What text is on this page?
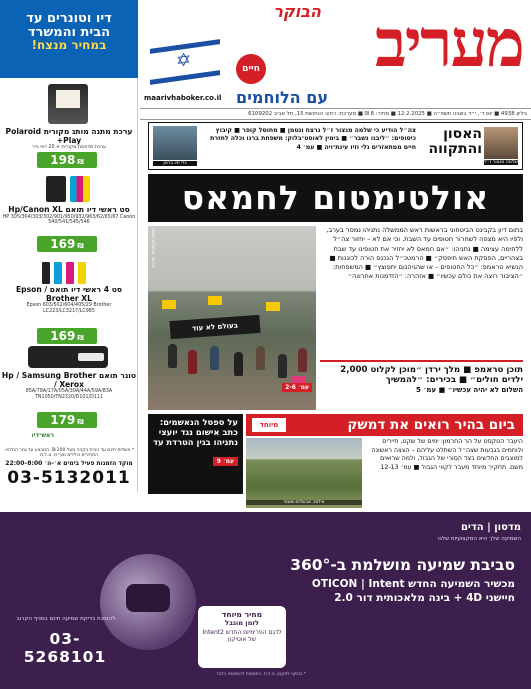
דיו וטונרים עד
הבית והמשרד
במחיר מנצח!
ערכת מתנה מותג מקורית Polaroid Play+
ערכת מדפסת מקורית + 20 דפי נייר
198 ₪
סט ראשי דיו תואם Hp/Canon XL
HP 305/304/303/302/901/950/932/963/62/65/67 Canon 540/541/545/546
169 ₪
סט 4 ראשי דיו תואם Epson / Brother XL
Epson 603/502/604/405/29 Brother LC223/LC3217/LC985
169 ₪
טונר תואם Hp / Samsung Brother / Xerox
85A/78A/17A/05A/30A/44A/59A/83A TN1050/TN2320/D101/D111
179 ₪
ראש־דיו
* משלוח חינם עד הבית בקניה מעל 200 ₪. המבצע עד גמר המלאי. המחירים כוללים מע״מ. ט.ל.ח
מוקד הזמנות פעיל בימים א׳–ה׳ 8:00–22:00
03-5132011
הבוקר מעריב
✡
חיים
עם הלוחמים
maarivhaboker.co.il
גיליון 4938 ■ יום ד׳, י״ד בשבט תשפ״ה ■ 12.2.2025 ■ מחיר: 8 ₪ ■ מערכת: רחוב הנחושת 15, תל אביב 6109202
שלמה מנצור ז״ל
האסון והתקווה
צה״ל הודיע כי שלמה מנצור ז״ל נרצח ונטמן ■ מחוסל קופר ■ קיבוץ כיסופים: ״ליבנו נשבר״ ■ בימין לאוסט־בלוק: משפחת ברנו וכלה לחזרת חיים ממתאזרים גלי וזיו עינת־ויה ■ עמ׳ 4
גלי וזיו ברמן
אולטימטום לחמאס
בעולם לא עוד
צילום: אבשלום ששוני
עמ׳ 2-6
בתום דיון בקבינט הביטחוני בראשות ראש הממשלה נתניהו נמסר בערב, ולפיו היא מצפה לשחרור חטופים עד השבת, וכי אם לא – יחזור צה״ל ללחימה עצימה ■ נתניהו: ״אם חמאס לא יחזיר את חטופינו עד שבת בצהריים, הפסקת האש תיפסק״ ■ הרמטכ״ל הנכנס הורה לכוננות ■ הנשיא טראמפ: ״כל החטופים – או שהגיהנום יתפוצץ״ ■ המשפחות: ״הציבור רוצה את כולם עכשיו״ ■ אזהרה: ״הזדמנות אחרונה״
תוכן טראמפ ■ מלך ירדן ״מוכן לקלוט 2,000 ילדים חולים״ ■ בכירים: ״להמשיך
השלום לא יהיה עכשיו״ ■ עמ׳ 5
על ספסל הנאשמים: כתב אישום נגד יועצי נתניהו בגין הטרדת עד
עמ׳ 9
ביום בהיר רואים את דמשק
מיוחד
צילום: אבשלום ששוני
היעבר הטקסט על הר החרמון: ימים של שקט, תיירים ולוחמים בגבעות שצה״ל השתלט עליהם – הצצה ראשונה למוצבים החדשים בצד הסורי של הגבול, ולמה שרואים משם. תחקיר מיוחד מעבר לקווי הגבול ■ עמ׳ 12-13
מדסון | הדים
השמיעה שלך היא המקצועיות שלנו
סביבת שמיעה מושלמת ב-360°
מכשיר השמיעה החדש OTICON | Intent
חיישני 4D + בינה מלאכותית דור 2.0
מחיר מיוחד
לזמן מוגבל
לדגם הפרימיום החדש Intent2 של אוטיקון
להזמנת בדיקת שמיעה חינם בסניף הקרוב
03-5268101
* בכפוף לתקנון. ט.ל.ח. התמונות להמחשה בלבד
